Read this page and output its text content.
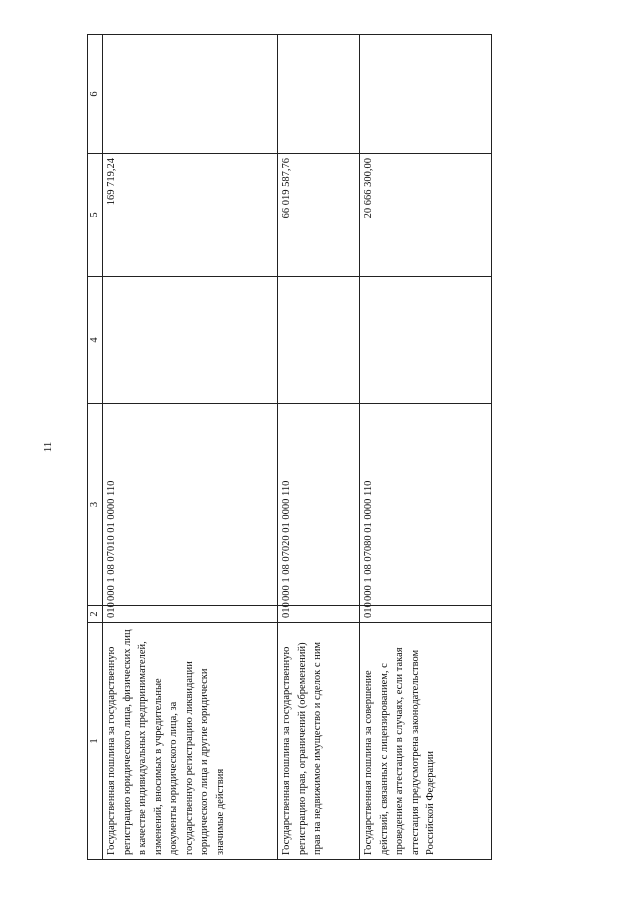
11
1	2	3	4	5	6
Государственная пошлина за государственную регистрацию юридического лица, физических лиц в качестве индивидуальных предпринимателей, изменений, вносимых в учредительные документы юридического лица, за государственную регистрацию ликвидации юридического лица и другие юридически значимые действия	010	000 1 08 07010 01 0000 110		169 719,24	
Государственная пошлина за государственную регистрацию прав, ограничений (обременений) прав на недвижимое имущество и сделок с ним	010	000 1 08 07020 01 0000 110		66 019 587,76	
Государственная пошлина за совершение действий, связанных с лицензированием, с проведением аттестации в случаях, если такая аттестация предусмотрена законодательством Российской Федерации	010	000 1 08 07080 01 0000 110		20 666 300,00	
